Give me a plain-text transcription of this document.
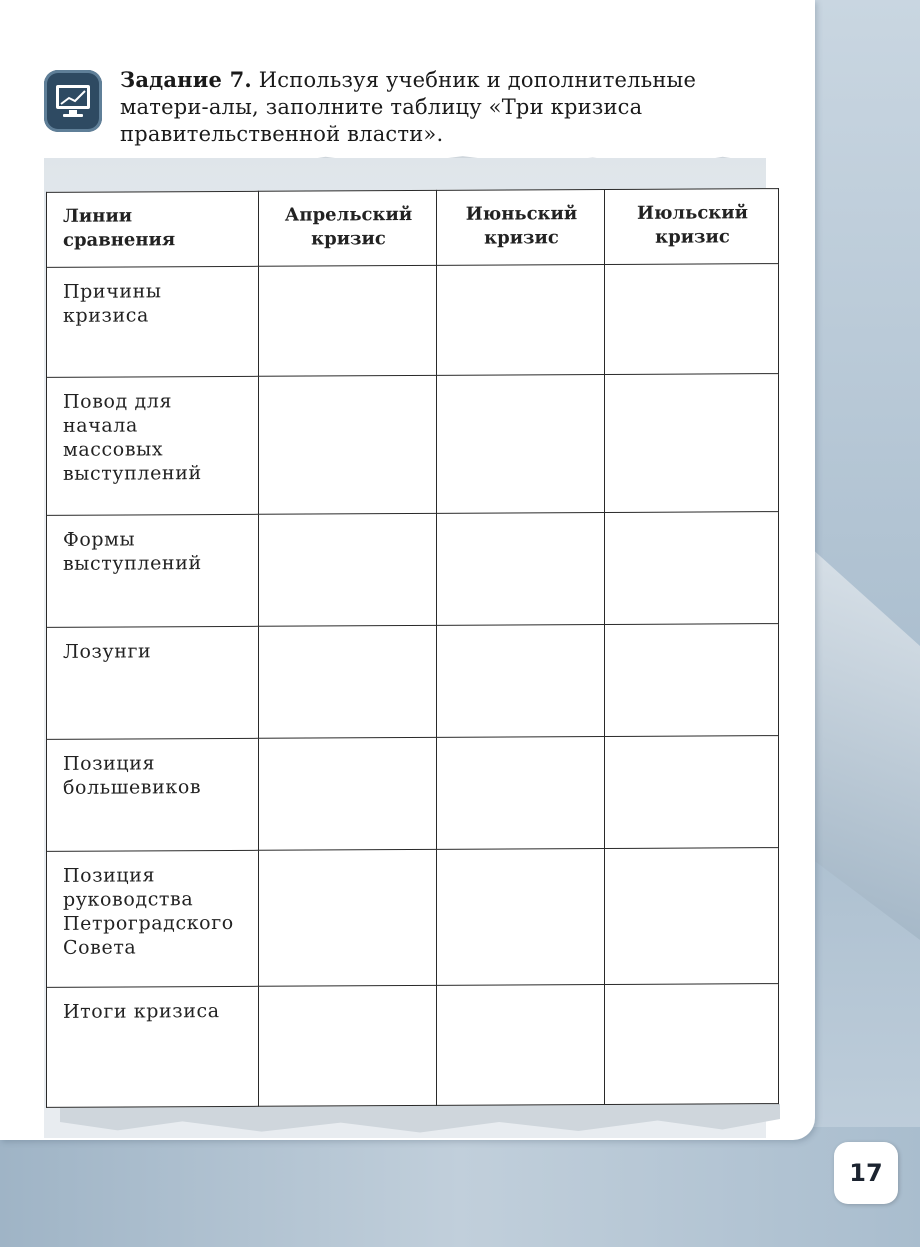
Задание 7. Используя учебник и дополнительные матери-алы, заполните таблицу «Три кризиса правительственной власти».
Линии сравнения	Апрельский кризис	Июньский кризис	Июльский кризис
Причины кризиса			
Повод для начала массовых выступлений			
Формы выступлений			
Лозунги			
Позиция большевиков			
Позиция руководства Петроградского Совета			
Итоги кризиса			
17
